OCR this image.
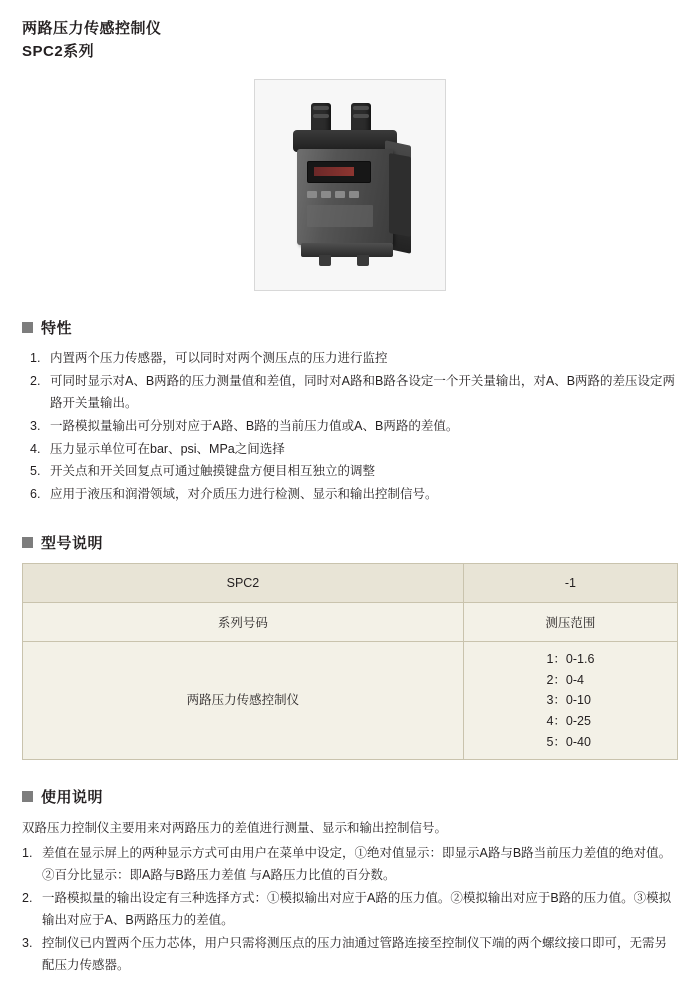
两路压力传感控制仪
SPC2系列
特性
内置两个压力传感器，可以同时对两个测压点的压力进行监控
可同时显示对A、B两路的压力测量值和差值，同时对A路和B路各设定一个开关量输出，对A、B两路的差压设定两路开关量输出。
一路模拟量输出可分别对应于A路、B路的当前压力值或A、B两路的差值。
压力显示单位可在bar、psi、MPa之间选择
开关点和开关回复点可通过触摸键盘方便目相互独立的调整
应用于液压和润滑领域，对介质压力进行检测、显示和输出控制信号。
型号说明
SPC2	-1
系列号码	测压范围
两路压力传感控制仪	1：0-1.6
2：0-4
3：0-10
4：0-25
5：0-40
使用说明

双路压力控制仪主要用来对两路压力的差值进行测量、显示和输出控制信号。

差值在显示屏上的两种显示方式可由用户在菜单中设定，①绝对值显示：即显示A路与B路当前压力差值的绝对值。②百分比显示：即A路与B路压力差值 与A路压力比值的百分数。
一路模拟量的输出设定有三种选择方式：①模拟输出对应于A路的压力值。②模拟输出对应于B路的压力值。③模拟输出对应于A、B两路压力的差值。
控制仪已内置两个压力芯体，用户只需将测压点的压力油通过管路连接至控制仪下端的两个螺纹接口即可，无需另配压力传感器。
